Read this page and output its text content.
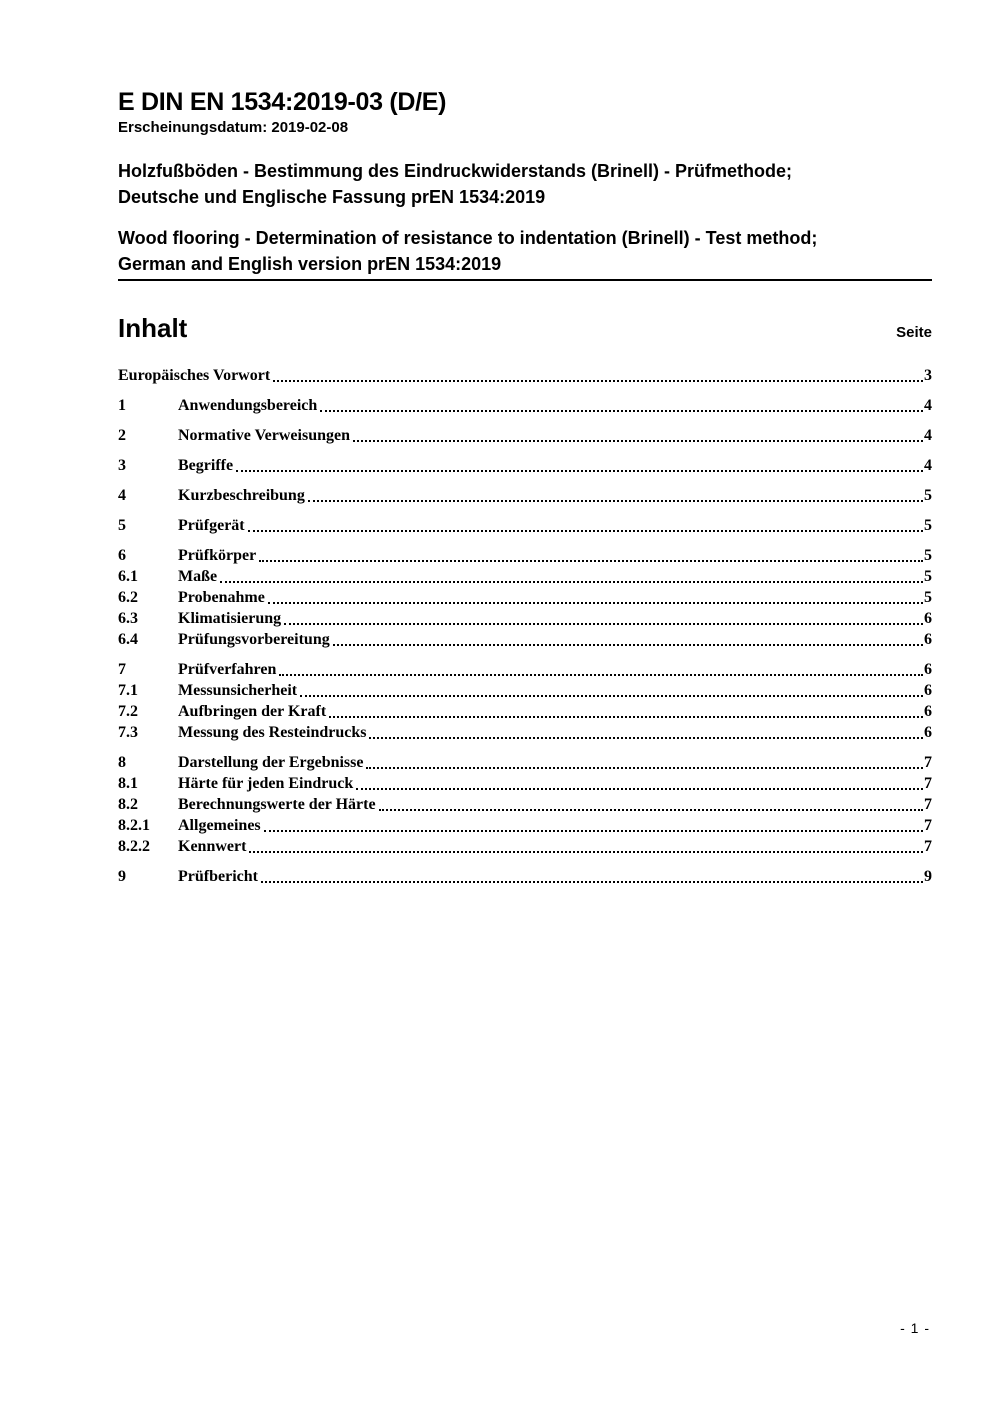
E DIN EN 1534:2019-03 (D/E)
Erscheinungsdatum: 2019-02-08
Holzfußböden - Bestimmung des Eindruckwiderstands (Brinell) - Prüfmethode;
Deutsche und Englische Fassung prEN 1534:2019
Wood flooring - Determination of resistance to indentation (Brinell) - Test method;
German and English version prEN 1534:2019
Inhalt	Seite
Europäisches Vorwort	3
1	Anwendungsbereich	4
2	Normative Verweisungen	4
3	Begriffe	4
4	Kurzbeschreibung	5
5	Prüfgerät	5
6	Prüfkörper	5
6.1	Maße	5
6.2	Probenahme	5
6.3	Klimatisierung	6
6.4	Prüfungsvorbereitung	6
7	Prüfverfahren	6
7.1	Messunsicherheit	6
7.2	Aufbringen der Kraft	6
7.3	Messung des Resteindrucks	6
8	Darstellung der Ergebnisse	7
8.1	Härte für jeden Eindruck	7
8.2	Berechnungswerte der Härte	7
8.2.1	Allgemeines	7
8.2.2	Kennwert	7
9	Prüfbericht	9
- 1 -
